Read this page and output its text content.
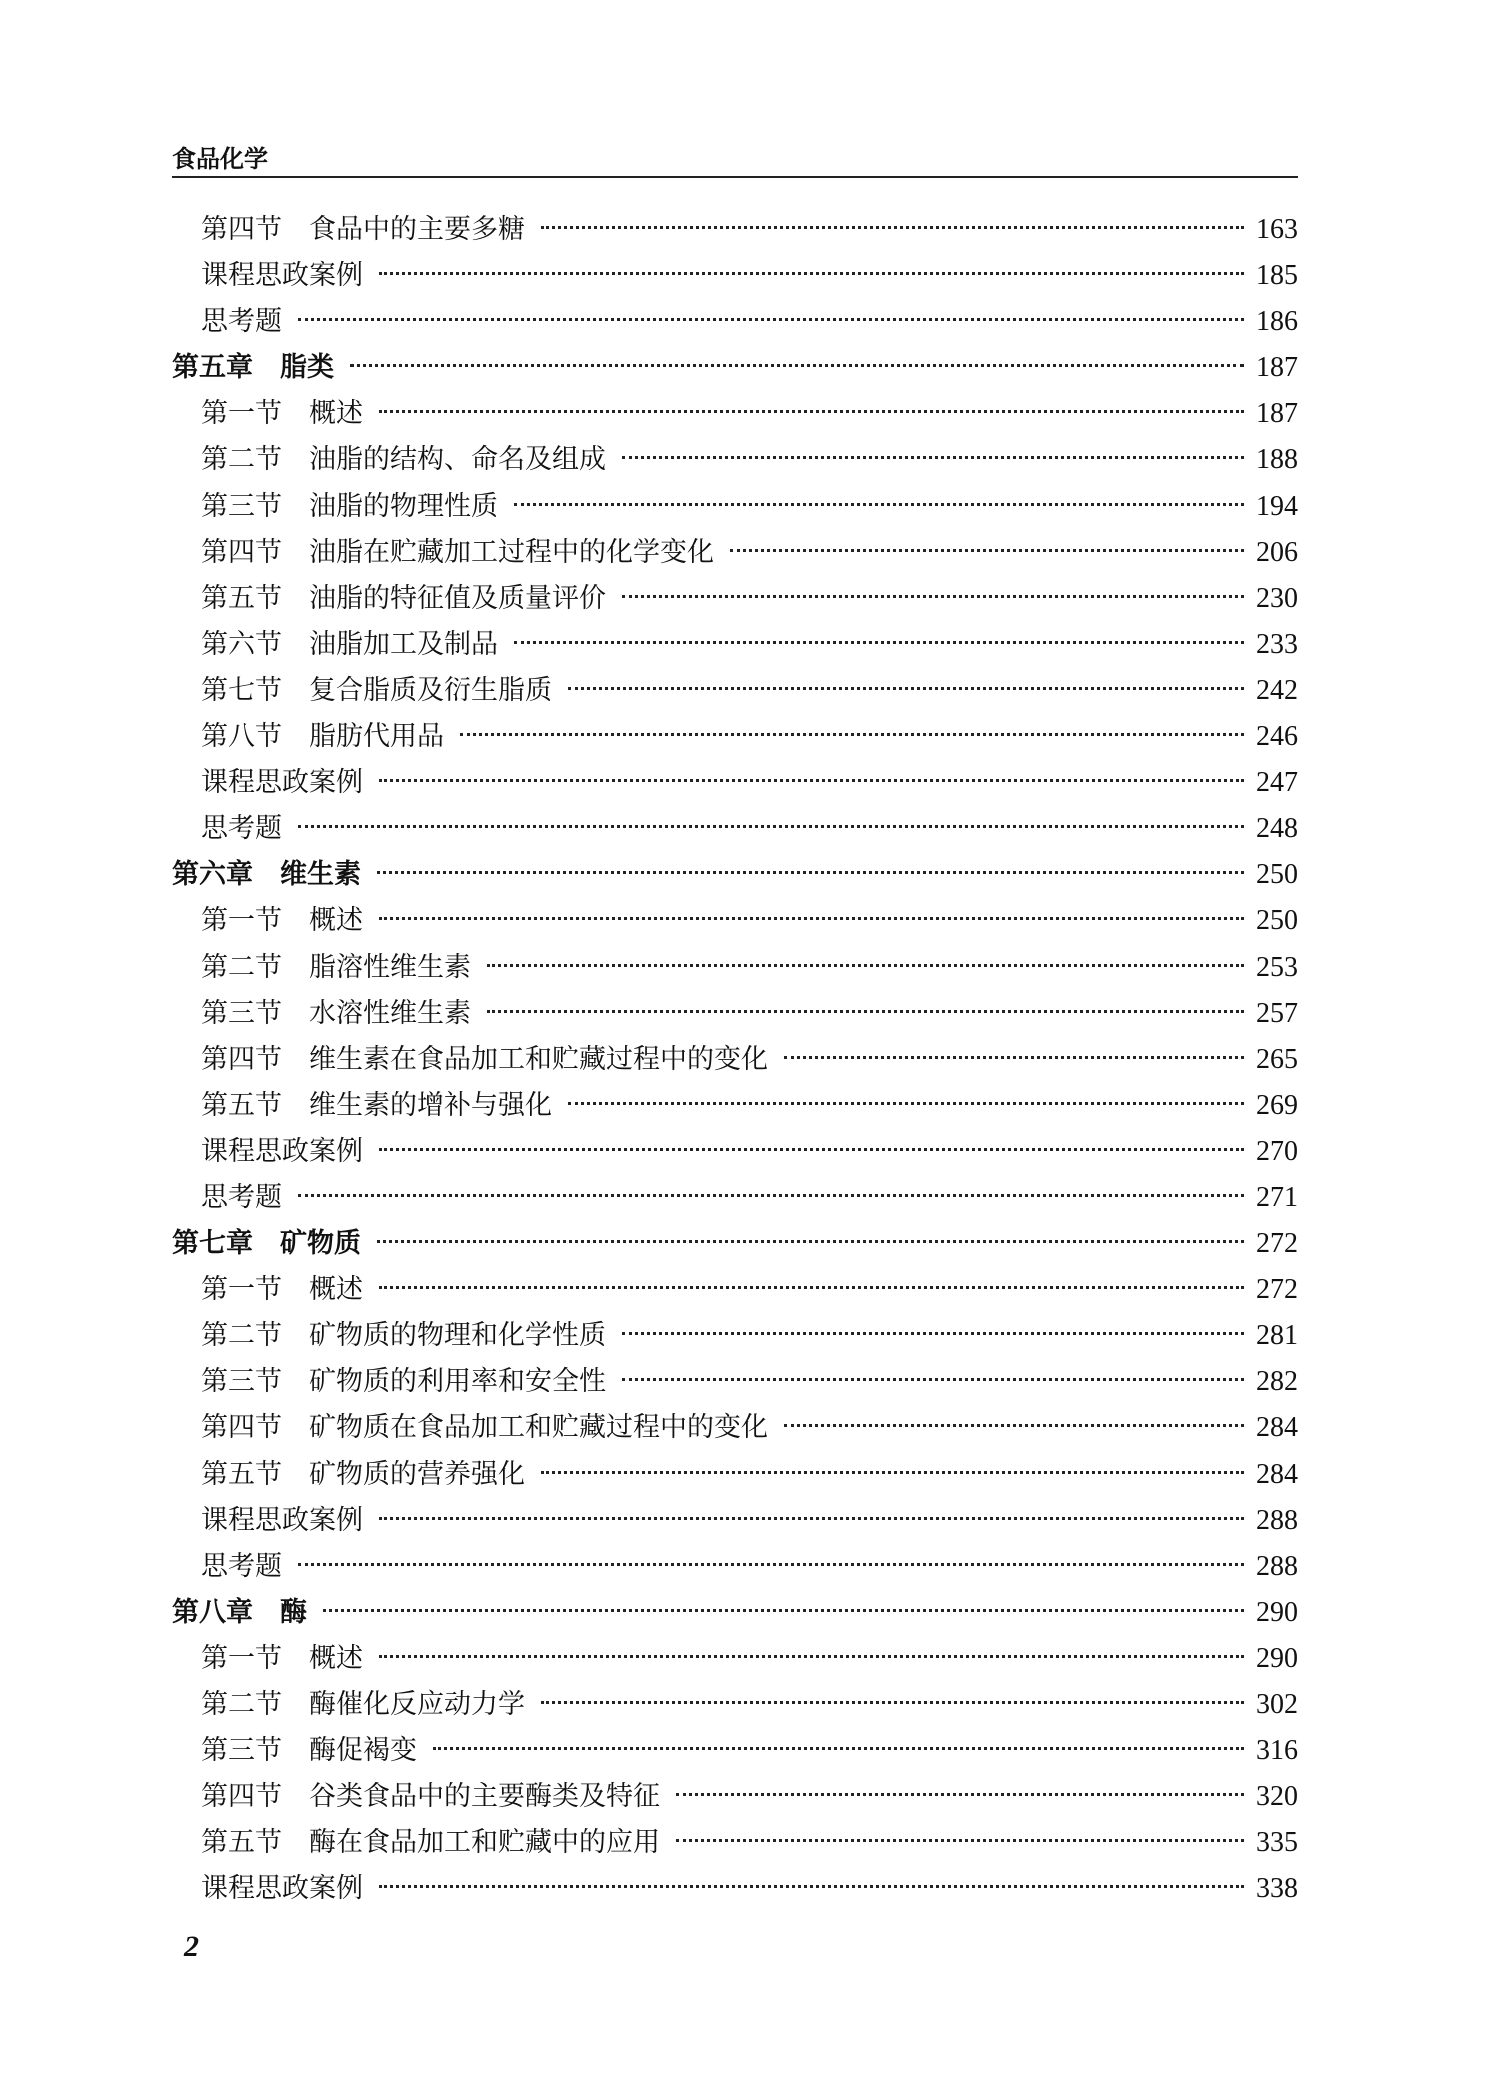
食品化学
第四节　食品中的主要多糖	163
课程思政案例	185
思考题	186
第五章　脂类	187
第一节　概述	187
第二节　油脂的结构、命名及组成	188
第三节　油脂的物理性质	194
第四节　油脂在贮藏加工过程中的化学变化	206
第五节　油脂的特征值及质量评价	230
第六节　油脂加工及制品	233
第七节　复合脂质及衍生脂质	242
第八节　脂肪代用品	246
课程思政案例	247
思考题	248
第六章　维生素	250
第一节　概述	250
第二节　脂溶性维生素	253
第三节　水溶性维生素	257
第四节　维生素在食品加工和贮藏过程中的变化	265
第五节　维生素的增补与强化	269
课程思政案例	270
思考题	271
第七章　矿物质	272
第一节　概述	272
第二节　矿物质的物理和化学性质	281
第三节　矿物质的利用率和安全性	282
第四节　矿物质在食品加工和贮藏过程中的变化	284
第五节　矿物质的营养强化	284
课程思政案例	288
思考题	288
第八章　酶	290
第一节　概述	290
第二节　酶催化反应动力学	302
第三节　酶促褐变	316
第四节　谷类食品中的主要酶类及特征	320
第五节　酶在食品加工和贮藏中的应用	335
课程思政案例	338
2
